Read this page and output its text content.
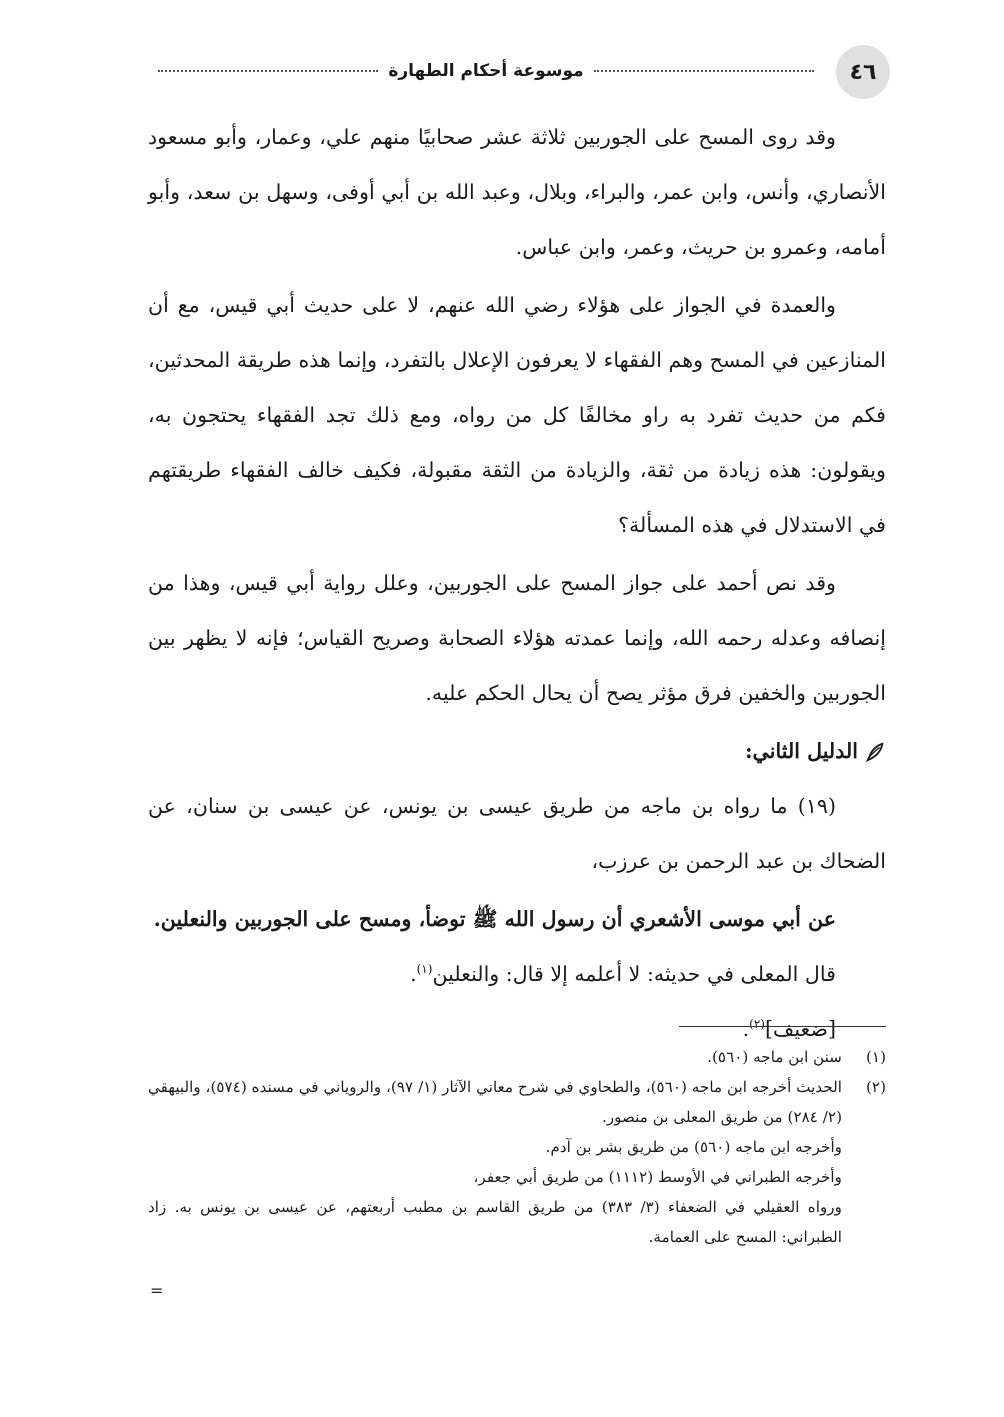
٤٦
موسوعة أحكام الطهارة

وقد روى المسح على الجوربين ثلاثة عشر صحابيًا منهم علي، وعمار، وأبو مسعود الأنصاري، وأنس، وابن عمر، والبراء، وبلال، وعبد الله بن أبي أوفى، وسهل بن سعد، وأبو أمامه، وعمرو بن حريث، وعمر، وابن عباس.

والعمدة في الجواز على هؤلاء رضي الله عنهم، لا على حديث أبي قيس، مع أن المنازعين في المسح وهم الفقهاء لا يعرفون الإعلال بالتفرد، وإنما هذه طريقة المحدثين، فكم من حديث تفرد به راو مخالفًا كل من رواه، ومع ذلك تجد الفقهاء يحتجون به، ويقولون: هذه زيادة من ثقة، والزيادة من الثقة مقبولة، فكيف خالف الفقهاء طريقتهم في الاستدلال في هذه المسألة؟

وقد نص أحمد على جواز المسح على الجوربين، وعلل رواية أبي قيس، وهذا من إنصافه وعدله رحمه الله، وإنما عمدته هؤلاء الصحابة وصريح القياس؛ فإنه لا يظهر بين الجوربين والخفين فرق مؤثر يصح أن يحال الحكم عليه.

الدليل الثاني:

(١٩) ما رواه بن ماجه من طريق عيسى بن يونس، عن عيسى بن سنان، عن الضحاك بن عبد الرحمن بن عرزب،

عن أبي موسى الأشعري أن رسول الله ﷺ توضأ، ومسح على الجوربين والنعلين.

قال المعلى في حديثه: لا أعلمه إلا قال: والنعلين$^{(١)}$.

[ضعيف]$^{(٢)}$.

(١)
سنن ابن ماجه (٥٦٠).
(٢)
الحديث أخرجه ابن ماجه (٥٦٠)، والطحاوي في شرح معاني الآثار (١/ ٩٧)، والروياني في مسنده (٥٧٤)، والبيهقي (٢/ ٢٨٤) من طريق المعلى بن منصور.
وأخرجه ابن ماجه (٥٦٠) من طريق بشر بن آدم.
وأخرجه الطبراني في الأوسط (١١١٢) من طريق أبي جعفر،
ورواه العقيلي في الضعفاء (٣/ ٣٨٣) من طريق القاسم بن مطبب أربعتهم، عن عيسى بن يونس به. زاد الطبراني: المسح على العمامة.
=
